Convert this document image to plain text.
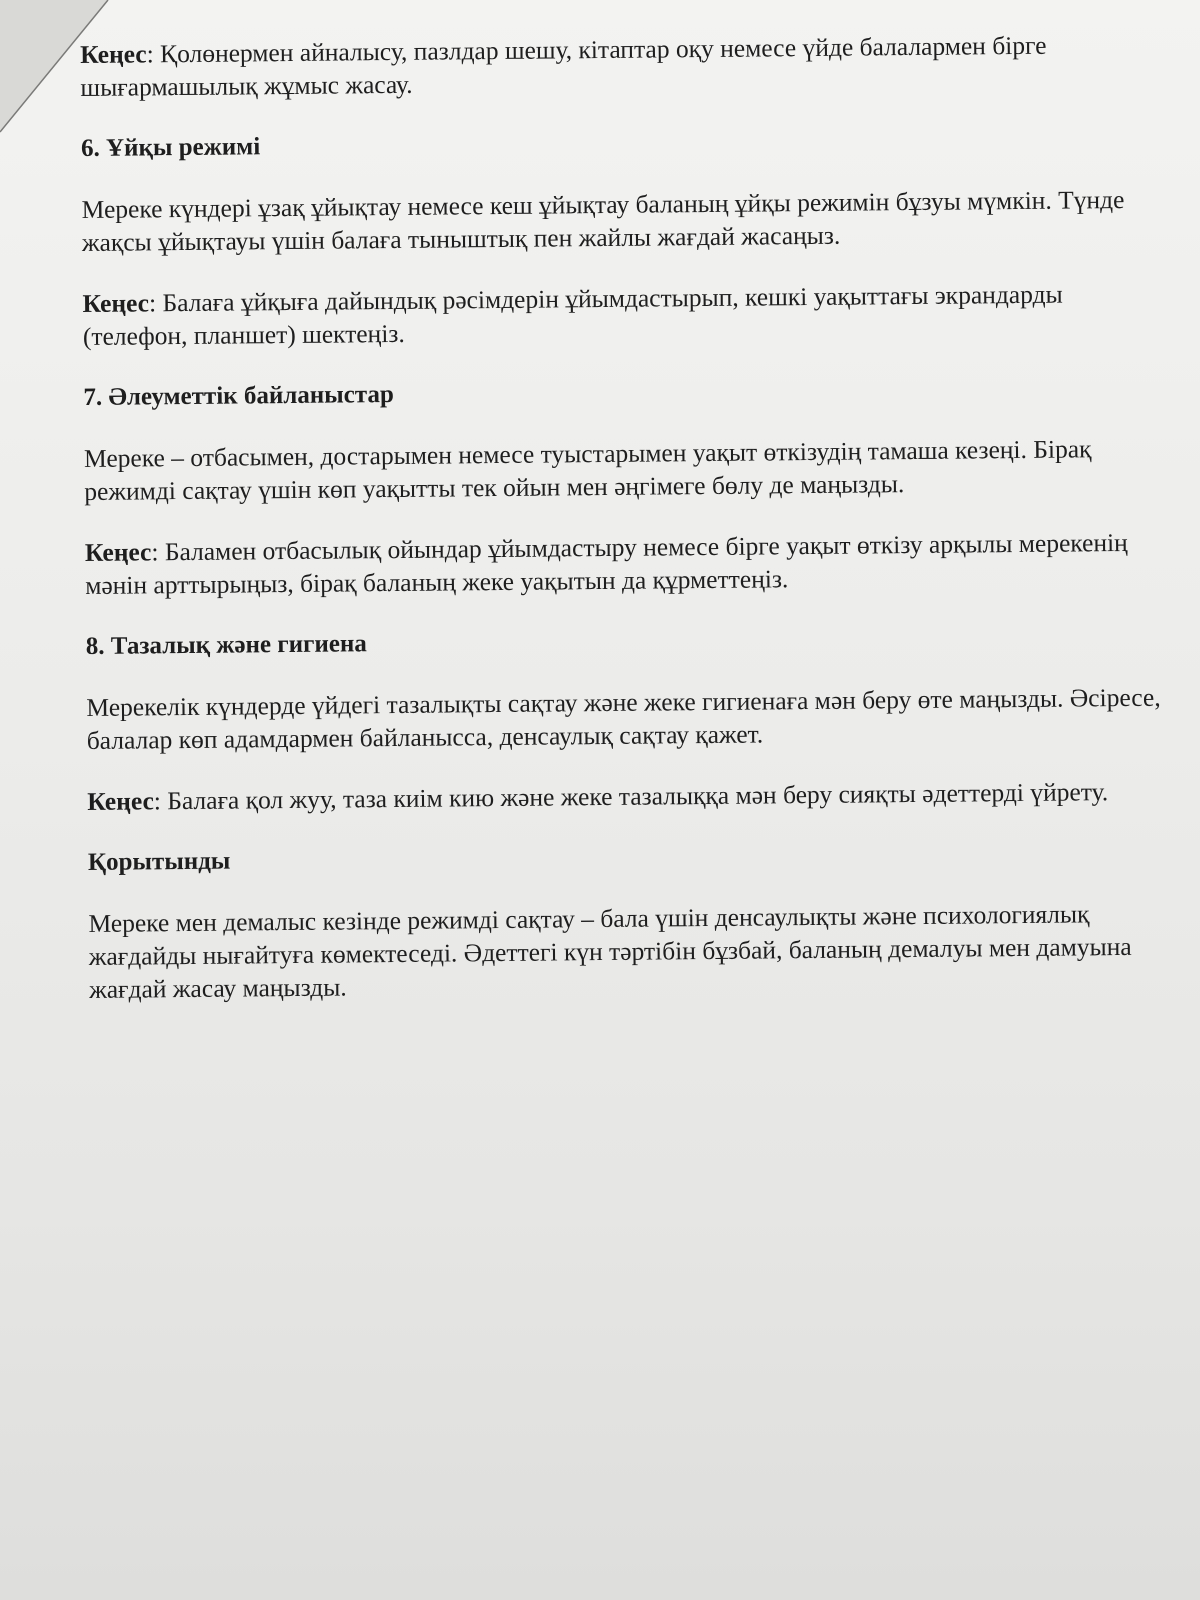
Кеңес: Қолөнермен айналысу, пазлдар шешу, кітаптар оқу немесе үйде балалармен бірге шығармашылық жұмыс жасау.

6. Ұйқы режимі

Мереке күндері ұзақ ұйықтау немесе кеш ұйықтау баланың ұйқы режимін бұзуы мүмкін. Түнде жақсы ұйықтауы үшін балаға тыныштық пен жайлы жағдай жасаңыз.

Кеңес: Балаға ұйқыға дайындық рәсімдерін ұйымдастырып, кешкі уақыттағы экрандарды (телефон, планшет) шектеңіз.

7. Әлеуметтік байланыстар

Мереке – отбасымен, достарымен немесе туыстарымен уақыт өткізудің тамаша кезеңі. Бірақ режимді сақтау үшін көп уақытты тек ойын мен әңгімеге бөлу де маңызды.

Кеңес: Баламен отбасылық ойындар ұйымдастыру немесе бірге уақыт өткізу арқылы мерекенің мәнін арттырыңыз, бірақ баланың жеке уақытын да құрметтеңіз.

8. Тазалық және гигиена

Мерекелік күндерде үйдегі тазалықты сақтау және жеке гигиенаға мән беру өте маңызды. Әсіресе, балалар көп адамдармен байланысса, денсаулық сақтау қажет.

Кеңес: Балаға қол жуу, таза киім кию және жеке тазалыққа мән беру сияқты әдеттерді үйрету.

Қорытынды

Мереке мен демалыс кезінде режимді сақтау – бала үшін денсаулықты және психологиялық жағдайды нығайтуға көмектеседі. Әдеттегі күн тәртібін бұзбай, баланың демалуы мен дамуына жағдай жасау маңызды.
